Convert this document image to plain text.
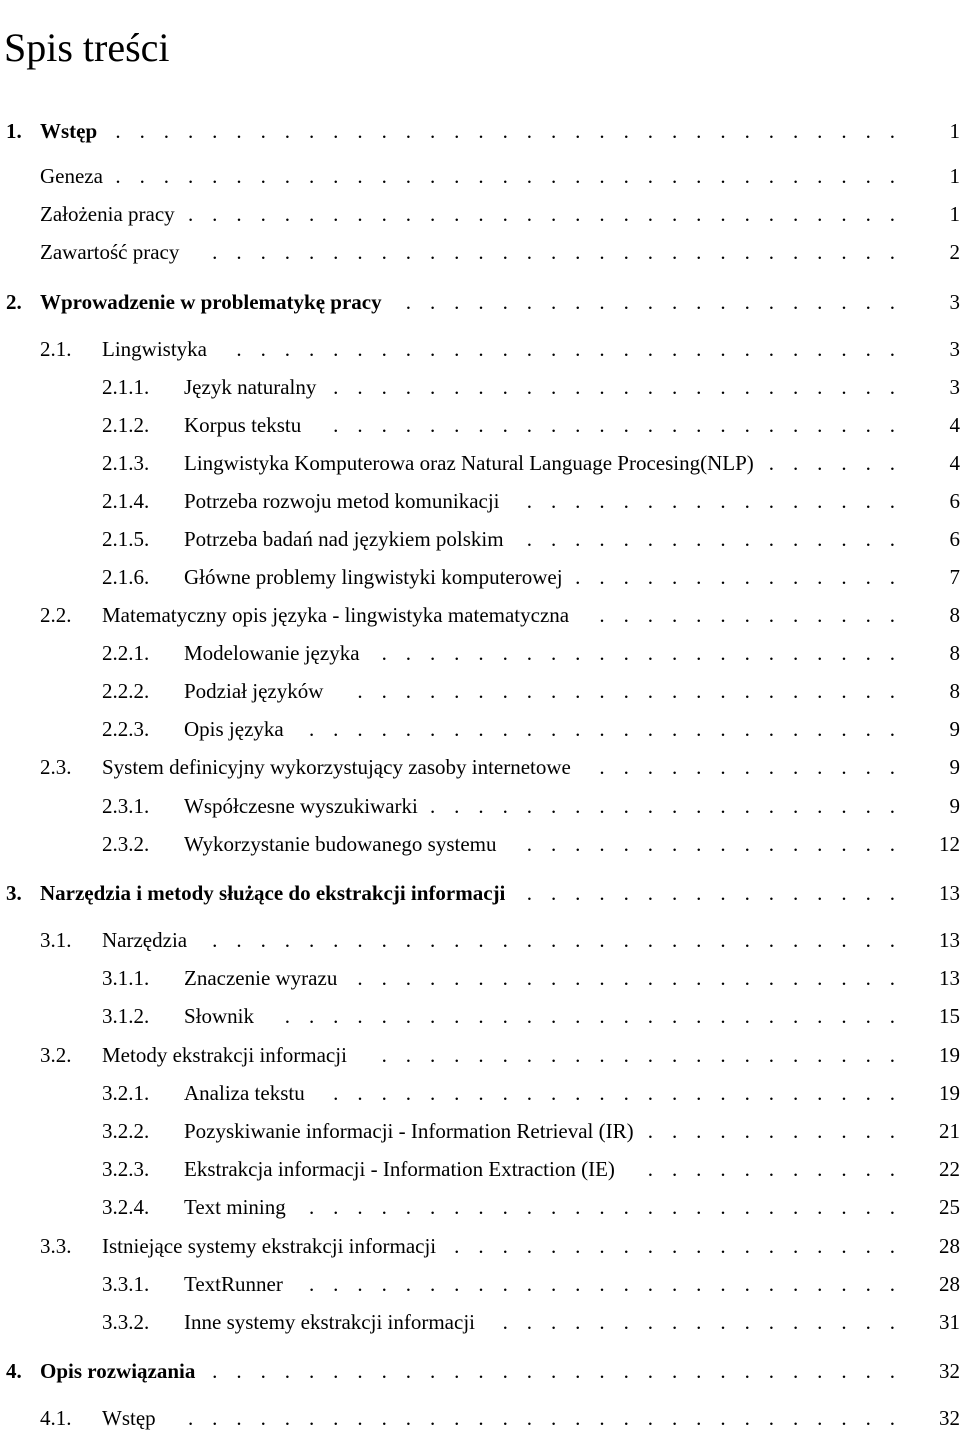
Spis treści
1. Wstęp . . . . . . . . . . . . . . . . . . . . . . . . . . . . . . . . .	1
Geneza . . . . . . . . . . . . . . . . . . . . . . . . . . . . . . . . .	1
Założenia pracy . . . . . . . . . . . . . . . . . . . . . . . . . . . . . .	1
Zawartość pracy	. . . . . . . . . . . . . . . . . . . . . . . . . . . . .	2
2. Wprowadzenie w problematykę pracy	. . . . . . . . . . . . . . . . . . . . .	3
2.1. Lingwistyka	. . . . . . . . . . . . . . . . . . . . . . . . . . . .	3
2.1.1. Język naturalny . . . . . . . . . . . . . . . . . . . . . . . .	3
2.1.2. Korpus tekstu	. . . . . . . . . . . . . . . . . . . . . . . .	4
2.1.3. Lingwistyka Komputerowa oraz Natural Language Procesing(NLP) . . . . . .	4
2.1.4. Potrzeba rozwoju metod komunikacji	. . . . . . . . . . . . . . . .	6
2.1.5. Potrzeba badań nad językiem polskim	. . . . . . . . . . . . . . . .	6
2.1.6. Główne problemy lingwistyki komputerowej . . . . . . . . . . . . . .	7
2.2. Matematyczny opis języka - lingwistyka matematyczna	. . . . . . . . . . . . .	8
2.2.1. Modelowanie języka	. . . . . . . . . . . . . . . . . . . . . .	8
2.2.2. Podział języków	. . . . . . . . . . . . . . . . . . . . . . .	8
2.2.3. Opis języka	. . . . . . . . . . . . . . . . . . . . . . . . .	9
2.3. System definicyjny wykorzystujący zasoby internetowe	. . . . . . . . . . . . .	9
2.3.1. Współczesne wyszukiwarki . . . . . . . . . . . . . . . . . . . .	9
2.3.2. Wykorzystanie budowanego systemu	. . . . . . . . . . . . . . . .	12
3. Narzędzia i metody służące do ekstrakcji informacji	. . . . . . . . . . . . . . . .	13
3.1. Narzędzia	. . . . . . . . . . . . . . . . . . . . . . . . . . . . .	13
3.1.1. Znaczenie wyrazu . . . . . . . . . . . . . . . . . . . . . . .	13
3.1.2. Słownik	. . . . . . . . . . . . . . . . . . . . . . . . . .	15
3.2. Metody ekstrakcji informacji	. . . . . . . . . . . . . . . . . . . . . .	19
3.2.1. Analiza tekstu	. . . . . . . . . . . . . . . . . . . . . . . .	19
3.2.2. Pozyskiwanie informacji - Information Retrieval (IR) . . . . . . . . . . .	21
3.2.3. Ekstrakcja informacji - Information Extraction (IE)	. . . . . . . . . . .	22
3.2.4. Text mining	. . . . . . . . . . . . . . . . . . . . . . . . .	25
3.3. Istniejące systemy ekstrakcji informacji . . . . . . . . . . . . . . . . . . .	28
3.3.1. TextRunner	. . . . . . . . . . . . . . . . . . . . . . . . .	28
3.3.2. Inne systemy ekstrakcji informacji	. . . . . . . . . . . . . . . . .	31
4. Opis rozwiązania . . . . . . . . . . . . . . . . . . . . . . . . . . . . .	32
4.1. Wstęp	. . . . . . . . . . . . . . . . . . . . . . . . . . . . . .	32
